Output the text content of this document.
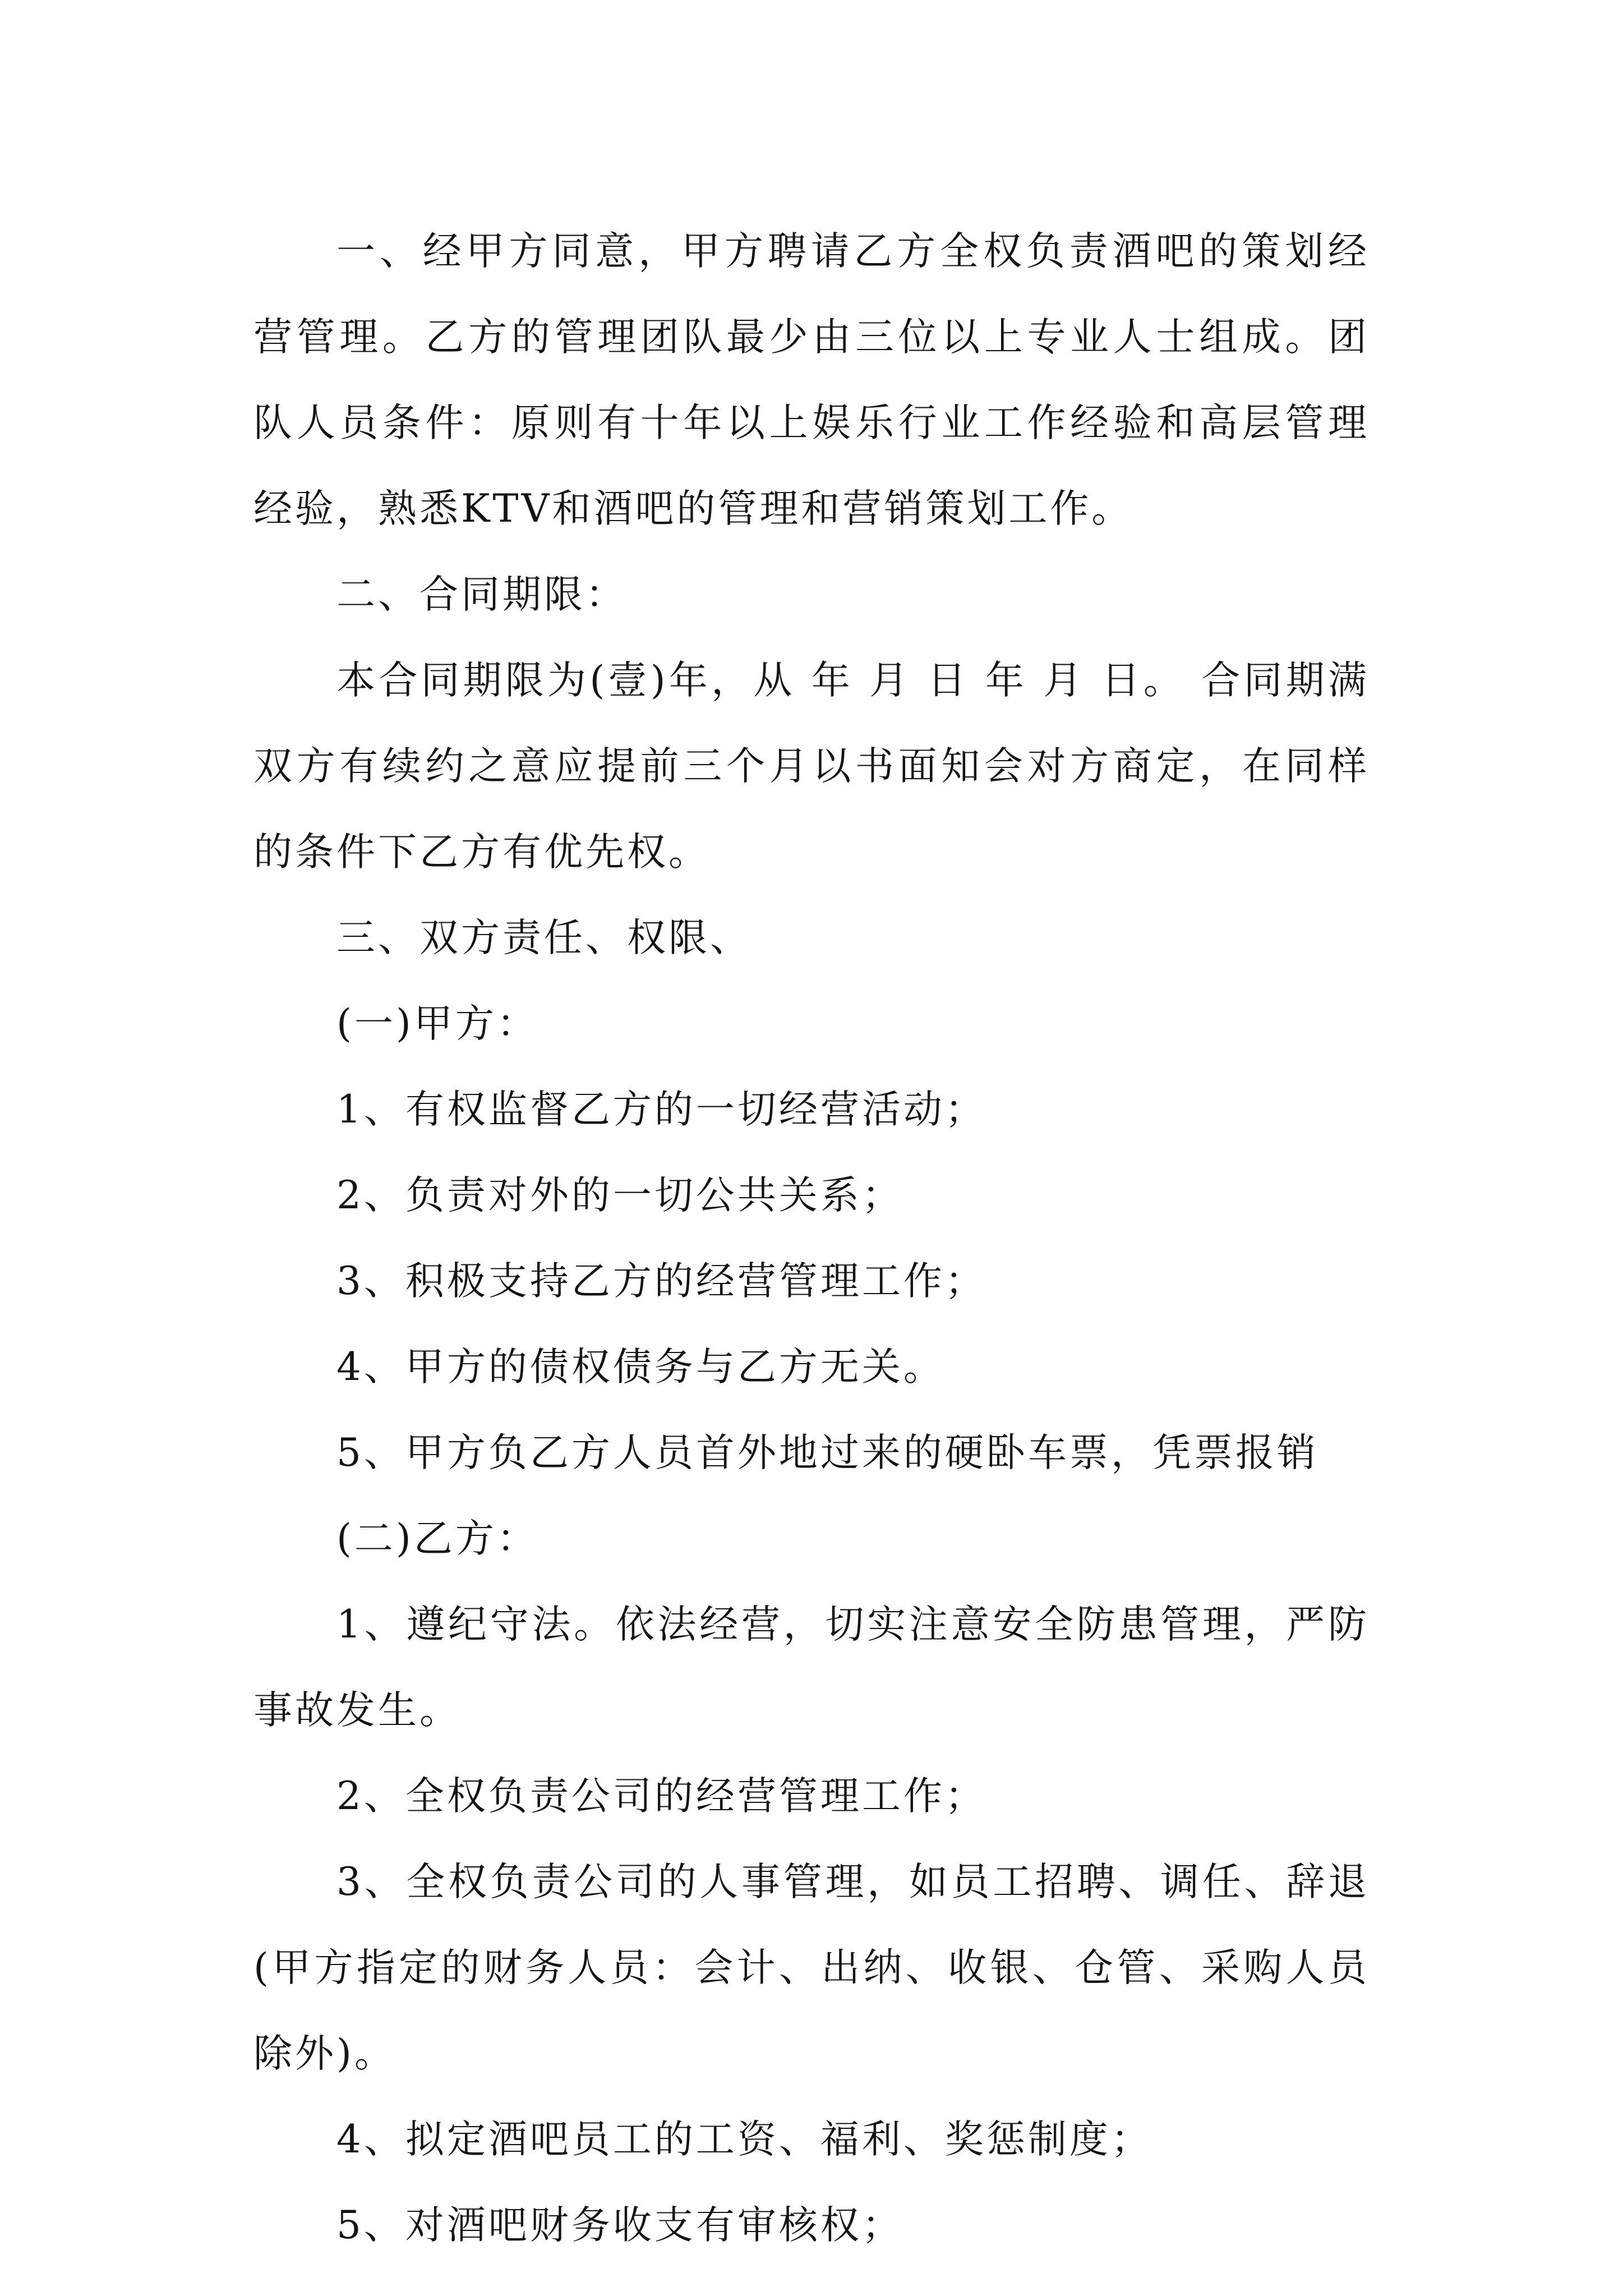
一、经甲方同意，甲方聘请乙方全权负责酒吧的策划经营管理。乙方的管理团队最少由三位以上专业人士组成。团队人员条件：原则有十年以上娱乐行业工作经验和高层管理经验，熟悉KTV和酒吧的管理和营销策划工作。

二、合同期限：

本合同期限为(壹)年，从 年 月 日 年 月 日。 合同期满双方有续约之意应提前三个月以书面知会对方商定，在同样的条件下乙方有优先权。

三、双方责任、权限、

(一)甲方：

1、有权监督乙方的一切经营活动；

2、负责对外的一切公共关系；

3、积极支持乙方的经营管理工作；

4、甲方的债权债务与乙方无关。

5、甲方负乙方人员首外地过来的硬卧车票，凭票报销

(二)乙方：

1、遵纪守法。依法经营，切实注意安全防患管理，严防事故发生。

2、全权负责公司的经营管理工作；

3、全权负责公司的人事管理，如员工招聘、调任、辞退(甲方指定的财务人员：会计、出纳、收银、仓管、采购人员除外)。

4、拟定酒吧员工的工资、福利、奖惩制度；

5、对酒吧财务收支有审核权；
